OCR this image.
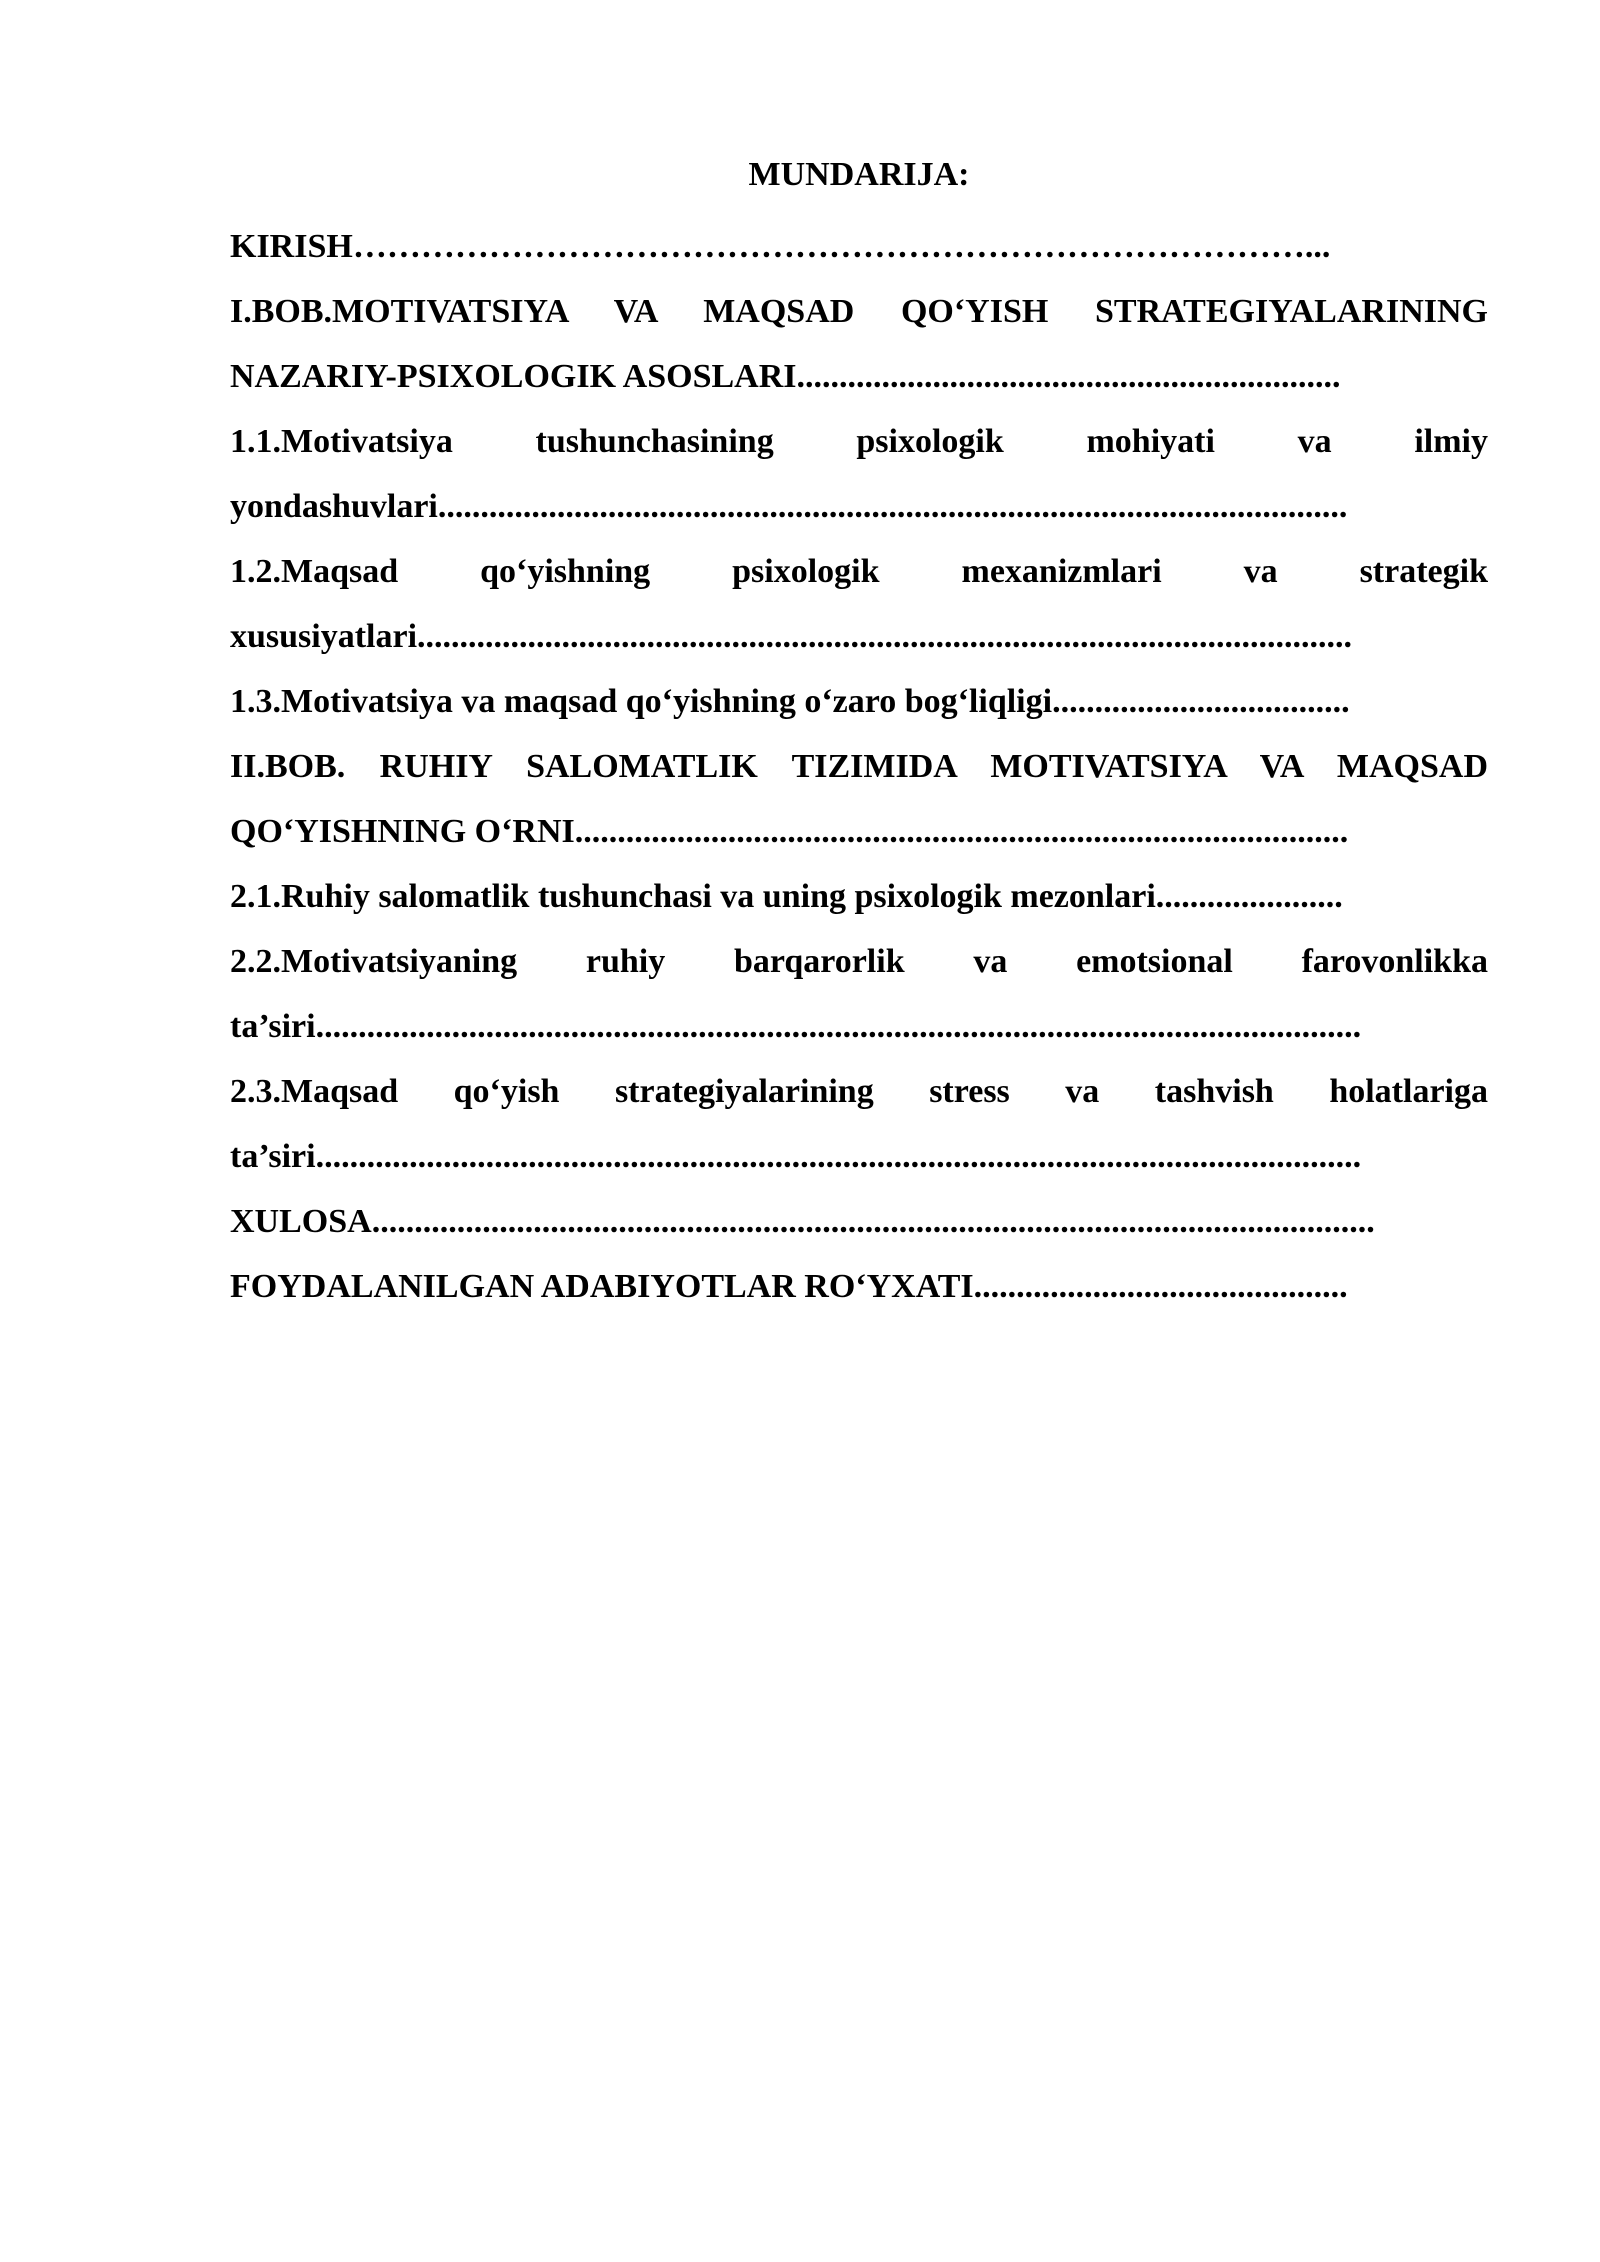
MUNDARIJA:
KIRISH…………………………………………………………………………...
I.BOB.MOTIVATSIYA VA MAQSAD QO‘YISH STRATEGIYALARINING
NAZARIY-PSIXOLOGIK ASOSLARI................................................................
1.1.Motivatsiya tushunchasining psixologik mohiyati va ilmiy
yondashuvlari...........................................................................................................
1.2.Maqsad qo‘yishning psixologik mexanizmlari va strategik
xususiyatlari..............................................................................................................
1.3.Motivatsiya va maqsad qo‘yishning o‘zaro bog‘liqligi...................................
II.BOB. RUHIY SALOMATLIK TIZIMIDA MOTIVATSIYA VA MAQSAD
QO‘YISHNING O‘RNI...........................................................................................
2.1.Ruhiy salomatlik tushunchasi va uning psixologik mezonlari......................
2.2.Motivatsiyaning ruhiy barqarorlik va emotsional farovonlikka
ta’siri...........................................................................................................................
2.3.Maqsad qo‘yish strategiyalarining stress va tashvish holatlariga
ta’siri...........................................................................................................................
XULOSA......................................................................................................................
FOYDALANILGAN ADABIYOTLAR RO‘YXATI............................................
